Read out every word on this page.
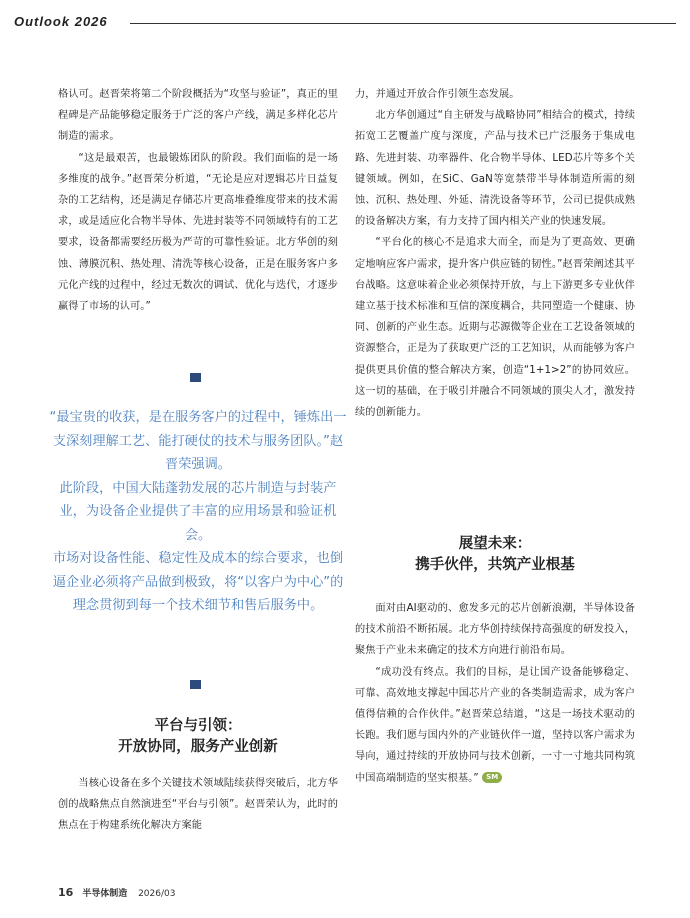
Outlook 2026

格认可。赵晋荣将第二个阶段概括为“攻坚与验证”，真正的里程碑是产品能够稳定服务于广泛的客户产线，满足多样化芯片制造的需求。

“这是最艰苦，也最锻炼团队的阶段。我们面临的是一场多维度的战争。”赵晋荣分析道，“无论是应对逻辑芯片日益复杂的工艺结构，还是满足存储芯片更高堆叠维度带来的技术需求，或是适应化合物半导体、先进封装等不同领域特有的工艺要求，设备都需要经历极为严苛的可靠性验证。北方华创的刻蚀、薄膜沉积、热处理、清洗等核心设备，正是在服务客户多元化产线的过程中，经过无数次的调试、优化与迭代，才逐步赢得了市场的认可。”

“最宝贵的收获，是在服务客户的过程中，锤炼出一支深刻理解工艺、能打硬仗的技术与服务团队。”赵晋荣强调。

此阶段，中国大陆蓬勃发展的芯片制造与封装产业，为设备企业提供了丰富的应用场景和验证机会。

市场对设备性能、稳定性及成本的综合要求，也倒逼企业必须将产品做到极致，将“以客户为中心”的理念贯彻到每一个技术细节和售后服务中。

平台与引领：
开放协同，服务产业创新

当核心设备在多个关键技术领域陆续获得突破后，北方华创的战略焦点自然演进至“平台与引领”。赵晋荣认为，此时的焦点在于构建系统化解决方案能

力，并通过开放合作引领生态发展。

北方华创通过“自主研发与战略协同”相结合的模式，持续拓宽工艺覆盖广度与深度，产品与技术已广泛服务于集成电路、先进封装、功率器件、化合物半导体、LED芯片等多个关键领域。例如，在SiC、GaN等宽禁带半导体制造所需的刻蚀、沉积、热处理、外延、清洗设备等环节，公司已提供成熟的设备解决方案，有力支持了国内相关产业的快速发展。

“平台化的核心不是追求大而全，而是为了更高效、更确定地响应客户需求，提升客户供应链的韧性。”赵晋荣阐述其平台战略。这意味着企业必须保持开放，与上下游更多专业伙伴建立基于技术标准和互信的深度耦合，共同塑造一个健康、协同、创新的产业生态。近期与芯源微等企业在工艺设备领域的资源整合，正是为了获取更广泛的工艺知识，从而能够为客户提供更具价值的整合解决方案，创造“1+1>2”的协同效应。这一切的基础，在于吸引并融合不同领域的顶尖人才，激发持续的创新能力。

展望未来：
携手伙伴，共筑产业根基

面对由AI驱动的、愈发多元的芯片创新浪潮，半导体设备的技术前沿不断拓展。北方华创持续保持高强度的研发投入，聚焦于产业未来确定的技术方向进行前沿布局。

“成功没有终点。我们的目标，是让国产设备能够稳定、可靠、高效地支撑起中国芯片产业的各类制造需求，成为客户值得信赖的合作伙伴。”赵晋荣总结道，“这是一场技术驱动的长跑。我们愿与国内外的产业链伙伴一道，坚持以客户需求为导向，通过持续的开放协同与技术创新，一寸一寸地共同构筑中国高端制造的坚实根基。” SM

16 半导体制造 2026/03
